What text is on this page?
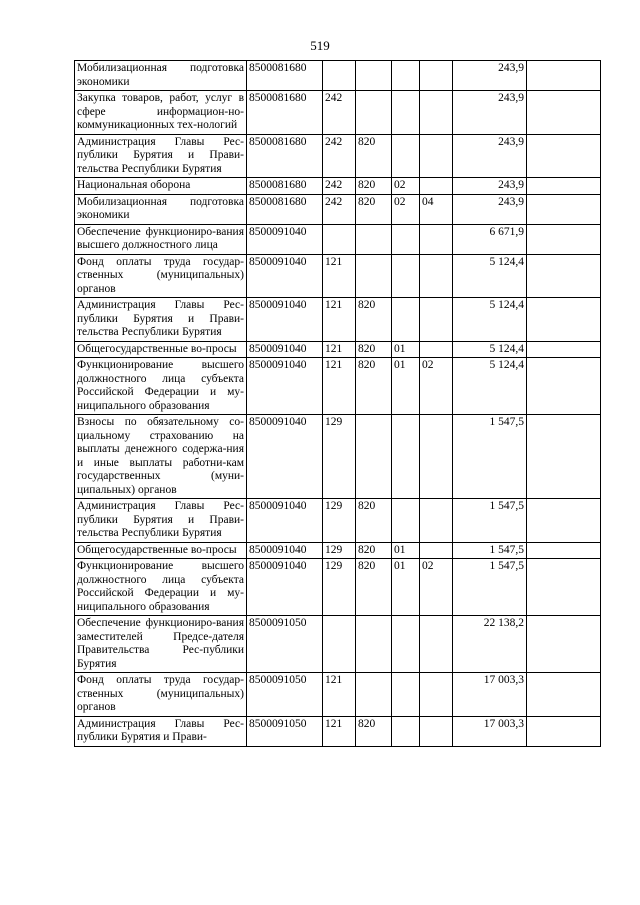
519
Мобилизационная подготовка экономики	8500081680					243,9	
Закупка товаров, работ, услуг в сфере информацион-но-коммуникационных тех-нологий	8500081680	242				243,9	
Администрация Главы Рес-публики Бурятия и Прави-тельства Республики Бурятия	8500081680	242	820			243,9	
Национальная оборона	8500081680	242	820	02		243,9	
Мобилизационная подготовка экономики	8500081680	242	820	02	04	243,9	
Обеспечение функциониро-вания высшего должностного лица	8500091040					6 671,9	
Фонд оплаты труда государ-ственных (муниципальных) органов	8500091040	121				5 124,4	
Администрация Главы Рес-публики Бурятия и Прави-тельства Республики Бурятия	8500091040	121	820			5 124,4	
Общегосударственные во-просы	8500091040	121	820	01		5 124,4	
Функционирование высшего должностного лица субъекта Российской Федерации и му-ниципального образования	8500091040	121	820	01	02	5 124,4	
Взносы по обязательному со-циальному страхованию на выплаты денежного содержа-ния и иные выплаты работни-кам государственных (муни-ципальных) органов	8500091040	129				1 547,5	
Администрация Главы Рес-публики Бурятия и Прави-тельства Республики Бурятия	8500091040	129	820			1 547,5	
Общегосударственные во-просы	8500091040	129	820	01		1 547,5	
Функционирование высшего должностного лица субъекта Российской Федерации и му-ниципального образования	8500091040	129	820	01	02	1 547,5	
Обеспечение функциониро-вания заместителей Предсе-дателя Правительства Рес-публики Бурятия	8500091050					22 138,2	
Фонд оплаты труда государ-ственных (муниципальных) органов	8500091050	121				17 003,3	
Администрация Главы Рес-публики Бурятия и Прави-	8500091050	121	820			17 003,3	
